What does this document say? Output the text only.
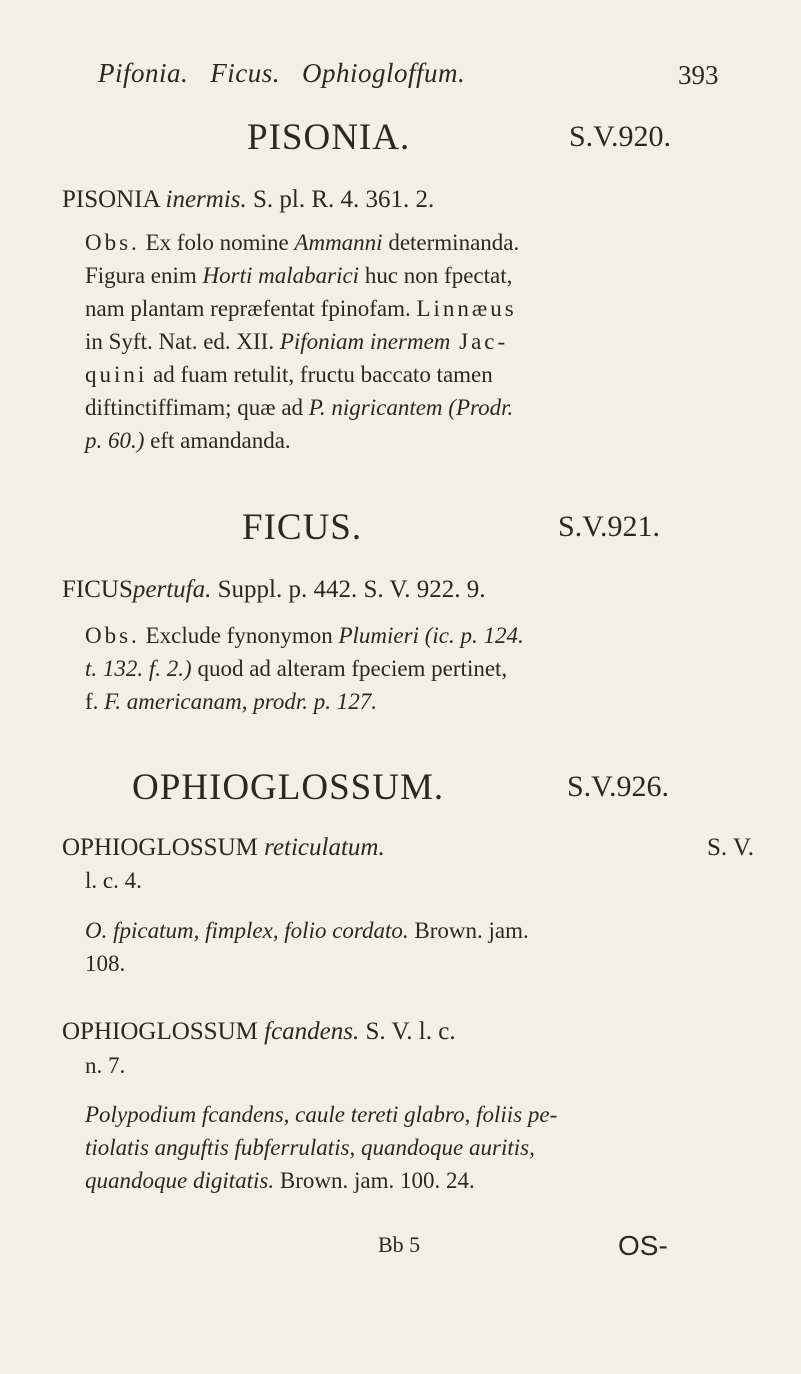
Pifonia. Ficus. Ophiogloffum.	393
PISONIA.	S.V.920.
PISONIA inermis. S. pl. R. 4. 361. 2.
Obs. Ex folo nomine Ammanni determinanda.
Figura enim Horti malabarici huc non fpectat,
nam plantam repræfentat fpinofam. Linnæus
in Syft. Nat. ed. XII. Pifoniam inermem Jac-
quini ad fuam retulit, fructu baccato tamen
diftinctiffimam; quæ ad P. nigricantem (Prodr.
p. 60.) eft amandanda.
FICUS.	S.V.921.
FICUSpertufa. Suppl. p. 442. S. V. 922. 9.
Obs. Exclude fynonymon Plumieri (ic. p. 124.
t. 132. f. 2.) quod ad alteram fpeciem pertinet,
f. F. americanam, prodr. p. 127.
OPHIOGLOSSUM.	S.V.926.
OPHIOGLOSSUM reticulatum.	S. V.
l. c. 4.
O. fpicatum, fimplex, folio cordato. Brown. jam.
108.
OPHIOGLOSSUM fcandens. S. V. l. c.
n. 7.
Polypodium fcandens, caule tereti glabro, foliis pe-
tiolatis anguftis fubferrulatis, quandoque auritis,
quandoque digitatis. Brown. jam. 100. 24.
Bb 5	OS-
